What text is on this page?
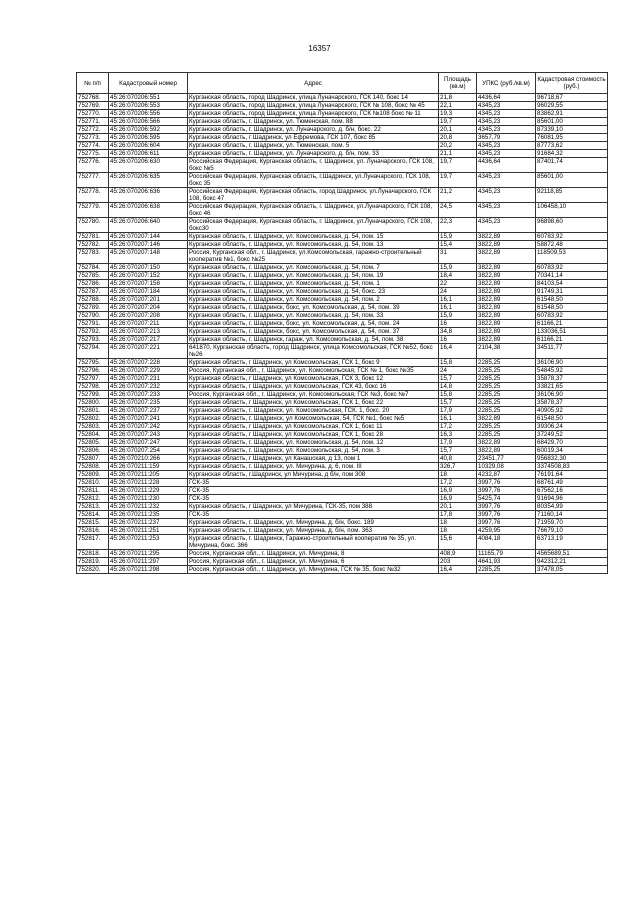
16357
№ п/п	Кадастровый номер	Адрес	Площадь (кв.м)	УПКС (руб./кв.м)	Кадастровая стоимость (руб.)
752768.	45:26:070206:551	Курганская область, город Шадринск, улица Луначарского, ГСК 140, бокс 14	21,8	4436,64	96718,67
752769.	45:26:070206:553	Курганская область, город Шадринск, улица Луначарского, ГСК № 108, бокс № 45	22,1	4345,23	96029,55
752770.	45:26:070206:556	Курганская область, город Шадринск, улица Луначарского, ГСК №108 бокс № 11	19,3	4345,23	83862,91
752771.	45:26:070206:566	Курганская область, г. Шадринск, ул. Тюменская, пом. 88	19,7	4345,23	85601,00
752772.	45:26:070206:592	Курганская область, г. Шадринск, ул. Луначарского, д. б/н, бокс. 22	20,1	4345,23	87339,10
752773.	45:26:070206:595	Курганская область, г Шадринск, ул Ефремова, ГСК 107, бокс 85	20,8	3657,79	76081,95
752774.	45:26:070206:604	Курганская область, г. Шадринск, ул. Тюменская, пом. 5	20,2	4345,23	87773,62
752775.	45:26:070206:611	Курганская область, г. Шадринск, ул. Луначарского, д. б/н, пом. 33	21,1	4345,23	91684,32
752776.	45:26:070206:630	Российская Федерация, Курганская область, г. Шадринск, ул. Луначарского, ГСК 108, бокс №5	19,7	4436,64	87401,74
752777.	45:26:070206:635	Российская Федерация, Курганская область, г.Шадринск, ул.Луначарского, ГСК 108, бокс 35	19,7	4345,23	85601,00
752778.	45:26:070206:636	Российская Федерация, Курганская область, город Шадринск, ул.Луначарского, ГСК 108, бокс 47	21,2	4345,23	92118,85
752779.	45:26:070206:638	Российская Федерация, Курганская область, г. Шадринск, ул.Луначарского, ГСК 108, бокс 46	24,5	4345,23	106458,10
752780.	45:26:070206:640	Российская Федерация, Курганская область, г. Шадринск, ул.Луначарского, ГСК 108, бокс30	22,3	4345,23	96898,60
752781.	45:26:070207:144	Курганская область, г. Шадринск, ул. Комсомольская, д. 54, пом. 15	15,9	3822,89	60783,92
752782.	45:26:070207:146	Курганская область, г. Шадринск, ул. Комсомольская, д. 54, пом. 13	15,4	3822,89	58872,48
752783.	45:26:070207:148	Россия, Курганская обл., г. Шадринск, ул.Комсомольская, гаражно-строительный кооператив №1, бокс №25	31	3822,89	118509,53
752784.	45:26:070207:150	Курганская область, г. Шадринск, ул. Комсомольская, д. 54, пом. 7	15,9	3822,89	60783,92
752785.	45:26:070207:152	Курганская область, г. Шадринск, ул. Комсомольская, д. 54, пом. 19	18,4	3822,89	70341,14
752786.	45:26:070207:158	Курганская область, г. Шадринск, ул. Комсомольская, д. 54, пом. 1	22	3822,89	84103,54
752787.	45:26:070207:184	Курганская область, г. Шадринск, ул. Комсомольская, д. 54, бокс. 23	24	3822,89	91749,31
752788.	45:26:070207:201	Курганская область, г. Шадринск, ул. Комсомольская, д. 54, пом. 2	16,1	3822,89	61548,50
752789.	45:26:070207:204	Курганская область, г. Шадринск, бокс, ул. Комсомольская, д. 54, пом. 39	16,1	3822,89	61548,50
752790.	45:26:070207:208	Курганская область, г. Шадринск, ул. Комсомольская, д. 54, пом. 33	15,9	3822,89	60783,92
752791.	45:26:070207:211	Курганская область, г. Шадринск, бокс, ул. Комсомольская, д. 54, пом. 24	16	3822,89	61166,21
752792.	45:26:070207:213	Курганская область, г. Шадринск, бокс, ул. Комсомольская, д. 54, пом. 37	34,8	3822,89	133036,51
752793.	45:26:070207:217	Курганская область, г. Шадринск, гараж, ул. Комсомольская, д. 54, пом. 38	16	3822,89	61166,21
752794.	45:26:070207:221	641870, Курганская область, город Шадринск, улица Комсомольская, ГСК №52, бокс №26	16,4	2104,38	34511,77
752795.	45:26:070207:228	Курганская область, г Шадринск, ул Комсомольская, ГСК 1, бокс 9	15,8	2285,25	36106,90
752796.	45:26:070207:229	Россия, Курганская обл., г. Шадринск, ул. Комсомольская, ГСК № 1, бокс №35	24	2285,25	54845,92
752797.	45:26:070207:231	Курганская область, г Шадринск, ул Комсомольская, ГСК 3, бокс 12	15,7	2285,25	35878,37
752798.	45:26:070207:232	Курганская область, г Шадринск, ул Комсомольская, ГСК 43, бокс 16	14,8	2285,25	33821,65
752799.	45:26:070207:233	Россия, Курганская обл., г. Шадринск, ул. Комсомольская, ГСК №3, бокс №7	15,8	2285,25	36106,90
752800.	45:26:070207:235	Курганская область, г Шадринск, ул Комсомольская, ГСК 1, бокс 22	15,7	2285,25	35878,37
752801.	45:26:070207:237	Курганская область, г. Шадринск, ул. Комсомольская, ГСК. 1, бокс. 20	17,9	2285,25	40905,92
752802.	45:26:070207:241	Курганская область, г. Шадринск, ул Комсомольская, 54, ГСК №1, бокс №5	16,1	3822,89	61548,50
752803.	45:26:070207:242	Курганская область, г Шадринск, ул Комсомольская, ГСК 1, бокс 11	17,2	2285,25	39306,24
752804.	45:26:070207:243	Курганская область, г Шадринск, ул Комсомольская, ГСК 1, бокс 28	16,3	2285,25	37249,52
752805.	45:26:070207:247	Курганская область, г. Шадринск, ул. Комсомольская, д. 54, пом. 12	17,9	3822,89	68429,70
752806.	45:26:070207:254	Курганская область, г. Шадринск, ул. Комсомольская, д. 54, пом. 3	15,7	3822,89	60019,34
752807.	45:26:070210:266	Курганская область, г Шадринск, ул Канашская, д 13, пом 1	40,8	23451,77	956832,30
752808.	45:26:070211:159	Курганская область, г. Шадринск, ул. Мичурина, д. 6, пом. III	326,7	10329,08	3374508,83
752809.	45:26:070211:205	Курганская область, г.Шадринск, ул Мичурина, д б/н, пом 308	18	4232,87	76191,64
752810.	45:26:070211:228	ГСК-35	17,2	3997,76	68761,49
752811.	45:26:070211:229	ГСК-35	16,9	3997,76	67562,16
752812.	45:26:070211:230	ГСК-35	16,9	5425,74	91694,96
752813.	45:26:070211:232	Курганская область, г Шадринск, ул Мичурина, ГСК-35, пом 388	20,1	3997,76	80354,99
752814.	45:26:070211:235	ГСК-35	17,8	3997,76	71160,14
752815.	45:26:070211:237	Курганская область, г. Шадринск, ул. Мичурина, д. б/н, бокс. 189	18	3997,76	71959,70
752816.	45:26:070211:251	Курганская область, г. Шадринск, ул. Мичурина, д. б/н, пом. 363	18	4259,95	76679,10
752817.	45:26:070211:253	Курганская область, г. Шадринск, Гаражно-строительный кооператив № 35, ул. Мичурина, бокс. 366	15,6	4084,18	63713,19
752818.	45:26:070211:295	Россия, Курганская обл., г. Шадринск, ул. Мичурина, 8	408,9	11165,79	4565689,51
752819.	45:26:070211:297	Россия, Курганская обл., г. Шадринск, ул. Мичурина, 6	203	4641,93	942312,21
752820.	45:26:070211:298	Россия, Курганская обл., г. Шадринск, ул. Мичурина, ГСК № 35, бокс №32	16,4	2285,25	37478,05
